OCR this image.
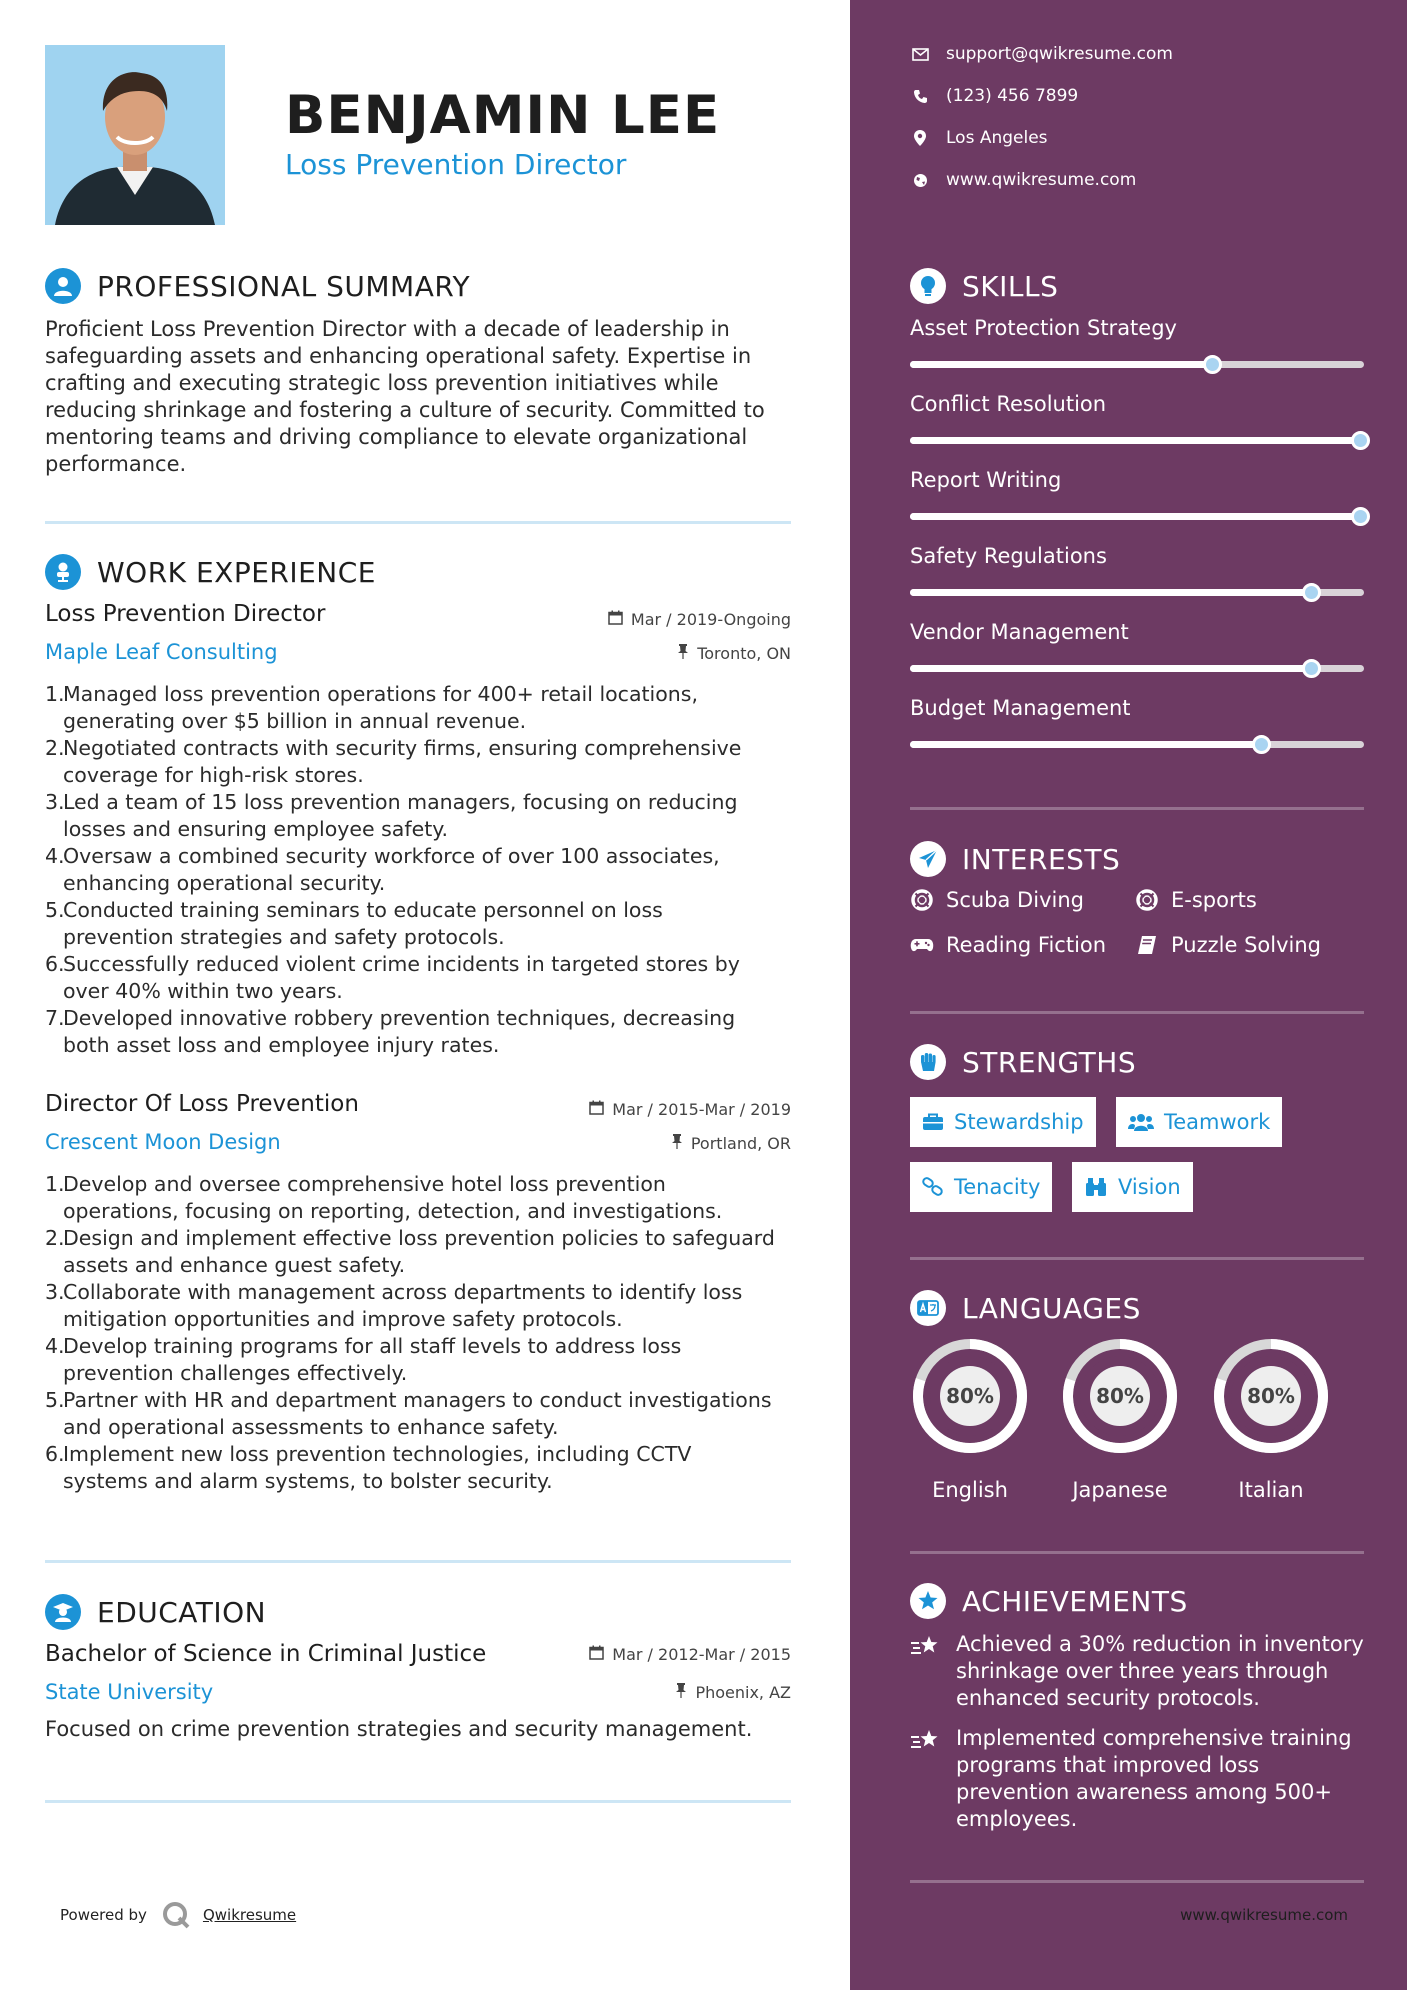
BENJAMIN LEE
Loss Prevention Director
PROFESSIONAL SUMMARY
Proficient Loss Prevention Director with a decade of leadership in
safeguarding assets and enhancing operational safety. Expertise in
crafting and executing strategic loss prevention initiatives while
reducing shrinkage and fostering a culture of security. Committed to
mentoring teams and driving compliance to elevate organizational
performance.
WORK EXPERIENCE
Loss Prevention Director	Mar / 2019-Ongoing
Maple Leaf Consulting	Toronto, ON
1.
Managed loss prevention operations for 400+ retail locations,
generating over $5 billion in annual revenue.
2.
Negotiated contracts with security firms, ensuring comprehensive
coverage for high-risk stores.
3.
Led a team of 15 loss prevention managers, focusing on reducing
losses and ensuring employee safety.
4.
Oversaw a combined security workforce of over 100 associates,
enhancing operational security.
5.
Conducted training seminars to educate personnel on loss
prevention strategies and safety protocols.
6.
Successfully reduced violent crime incidents in targeted stores by
over 40% within two years.
7.
Developed innovative robbery prevention techniques, decreasing
both asset loss and employee injury rates.
Director Of Loss Prevention	Mar / 2015-Mar / 2019
Crescent Moon Design	Portland, OR
1.
Develop and oversee comprehensive hotel loss prevention
operations, focusing on reporting, detection, and investigations.
2.
Design and implement effective loss prevention policies to safeguard
assets and enhance guest safety.
3.
Collaborate with management across departments to identify loss
mitigation opportunities and improve safety protocols.
4.
Develop training programs for all staff levels to address loss
prevention challenges effectively.
5.
Partner with HR and department managers to conduct investigations
and operational assessments to enhance safety.
6.
Implement new loss prevention technologies, including CCTV
systems and alarm systems, to bolster security.
EDUCATION
Bachelor of Science in Criminal Justice	Mar / 2012-Mar / 2015
State University	Phoenix, AZ
Focused on crime prevention strategies and security management.
Powered by	Qwikresume
support@qwikresume.com
(123) 456 7899
Los Angeles
www.qwikresume.com
SKILLS
Asset Protection Strategy
Conflict Resolution
Report Writing
Safety Regulations
Vendor Management
Budget Management
INTERESTS
Scuba Diving	E-sports
Reading Fiction	Puzzle Solving
STRENGTHS
Stewardship	Teamwork
Tenacity	Vision
LANGUAGES
80%
English
80%
Japanese
80%
Italian
ACHIEVEMENTS
Achieved a 30% reduction in inventory
shrinkage over three years through
enhanced security protocols.
Implemented comprehensive training
programs that improved loss
prevention awareness among 500+
employees.
www.qwikresume.com
